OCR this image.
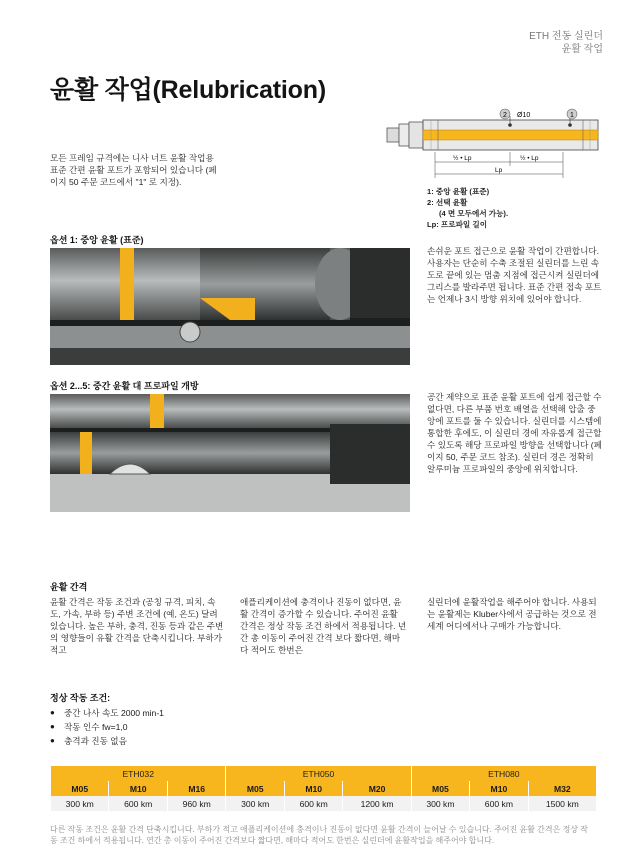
ETH 전동 실린더
윤활 작업
윤활 작업(Relubrication)
2	1
Ø10
½ • Lp	½ • Lp
Lp
1: 중앙 윤활 (표준)
2: 선택 윤활
(4 면 모두에서 가능).
Lp: 프로파일 길이
모든 프레임 규격에는 니사 너트 윤활 작업용 표준 간편 윤활 포트가 포함되어 있습니다 (페이지 50 주문 코드에서 "1" 로 지정).
옵션 1: 중앙 윤활 (표준)
손쉬운 포트 접근으로 윤활 작업이 간편합니다. 사용자는 단순히 수축 조절된 실린더를 느린 속도로 끝에 있는 멈춤 지점에 접근시켜 실린더에 그리스를 발라주면 됩니다. 표준 간편 접속 포트는 언제나 3시 방향 위치에 있어야 합니다.
옵션 2...5: 중간 윤활 대 프로파일 개방
공간 제약으로 표준 윤활 포트에 쉽게 접근할 수 없다면, 다른 부품 번호 배열을 선택해 압출 중앙에 포트를 둘 수 있습니다. 실린더를 시스템에 통합한 후에도, 이 실린더 경에 자유롭게 접근할 수 있도록 해당 프로파일 방향을 선택합니다 (페이지 50, 주문 코드 참조). 실린더 경은 정확히 알루미늄 프로파일의 중앙에 위치합니다.
윤활 간격
윤활 간격은 작동 조건과 (공칭 규격, 피치, 속도, 가속, 부하 등) 주변 조건에 (예, 온도) 달려 있습니다. 높은 부하, 충격, 진동 등과 같은 주변의 영향들이 유활 간격을 단축시킵니다. 부하가 적고
애플리케이션에 충격이나 진동이 없다면, 윤활 간격이 증가할 수 있습니다. 주어진 윤활 간격은 정상 작동 조건 하에서 적용됩니다. 년간 총 이동이 주어진 간격 보다 짧다면, 해마다 적어도 한번은
실린더에 윤활작업을 해주어야 합니다. 사용되는 윤활제는 Kluber사에서 공급하는 것으로 전세계 어디에서나 구매가 가능합니다.
정상 작동 조건:
● 중간 나사 속도 2000 min-1
● 작동 인수 fw=1,0
● 충격과 진동 없음
ETH032			ETH050			ETH080		
M05	M10	M16	M05	M10	M20	M05	M10	M32
300 km	600 km	960 km	300 km	600 km	1200 km	300 km	600 km	1500 km
다른 작동 조건은 윤활 간격 단축시킵니다. 부하가 적고 애플리케이션에 충격이나 진동이 없다면 윤활 간격이 늘어날 수 있습니다. 주어진 윤활 간격은 정상 작동 조건 하에서 적용됩니다. 연간 총 이동이 주어진 간격보다 짧다면, 해마다 적어도 한번은 실린더에 윤활작업을 해주어야 합니다.
